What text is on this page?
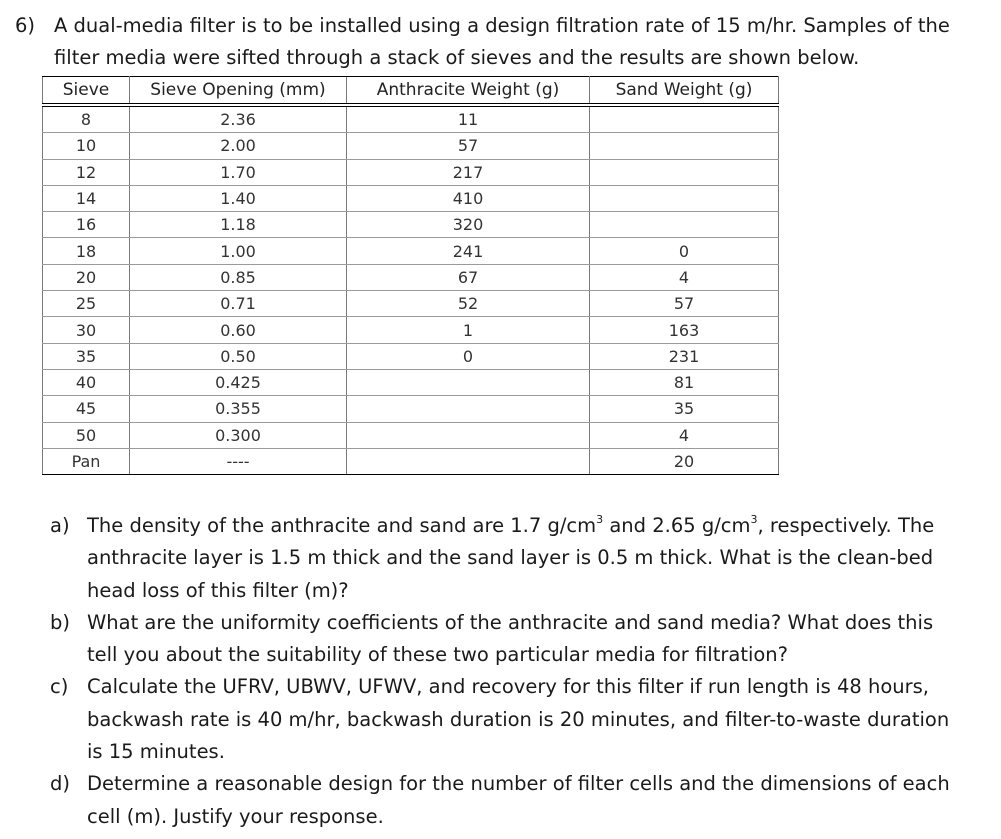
6) A dual-media filter is to be installed using a design filtration rate of 15 m/hr. Samples of the
filter media were sifted through a stack of sieves and the results are shown below.
Sieve	Sieve Opening (mm)	Anthracite Weight (g)	Sand Weight (g)
8	2.36	11	
10	2.00	57	
12	1.70	217	
14	1.40	410	
16	1.18	320	
18	1.00	241	0
20	0.85	67	4
25	0.71	52	57
30	0.60	1	163
35	0.50	0	231
40	0.425		81
45	0.355		35
50	0.300		4
Pan	----		20
a) The density of the anthracite and sand are 1.7 $g/cm^3$ and 2.65 $g/cm^3$, respectively. The anthracite layer is 1.5 m thick and the sand layer is 0.5 m thick. What is the clean-bed head loss of this filter (m)?
b) What are the uniformity coefficients of the anthracite and sand media? What does this tell you about the suitability of these two particular media for filtration?
c) Calculate the UFRV, UBWV, UFWV, and recovery for this filter if run length is 48 hours, backwash rate is 40 m/hr, backwash duration is 20 minutes, and filter-to-waste duration is 15 minutes.
d) Determine a reasonable design for the number of filter cells and the dimensions of each cell (m). Justify your response.
